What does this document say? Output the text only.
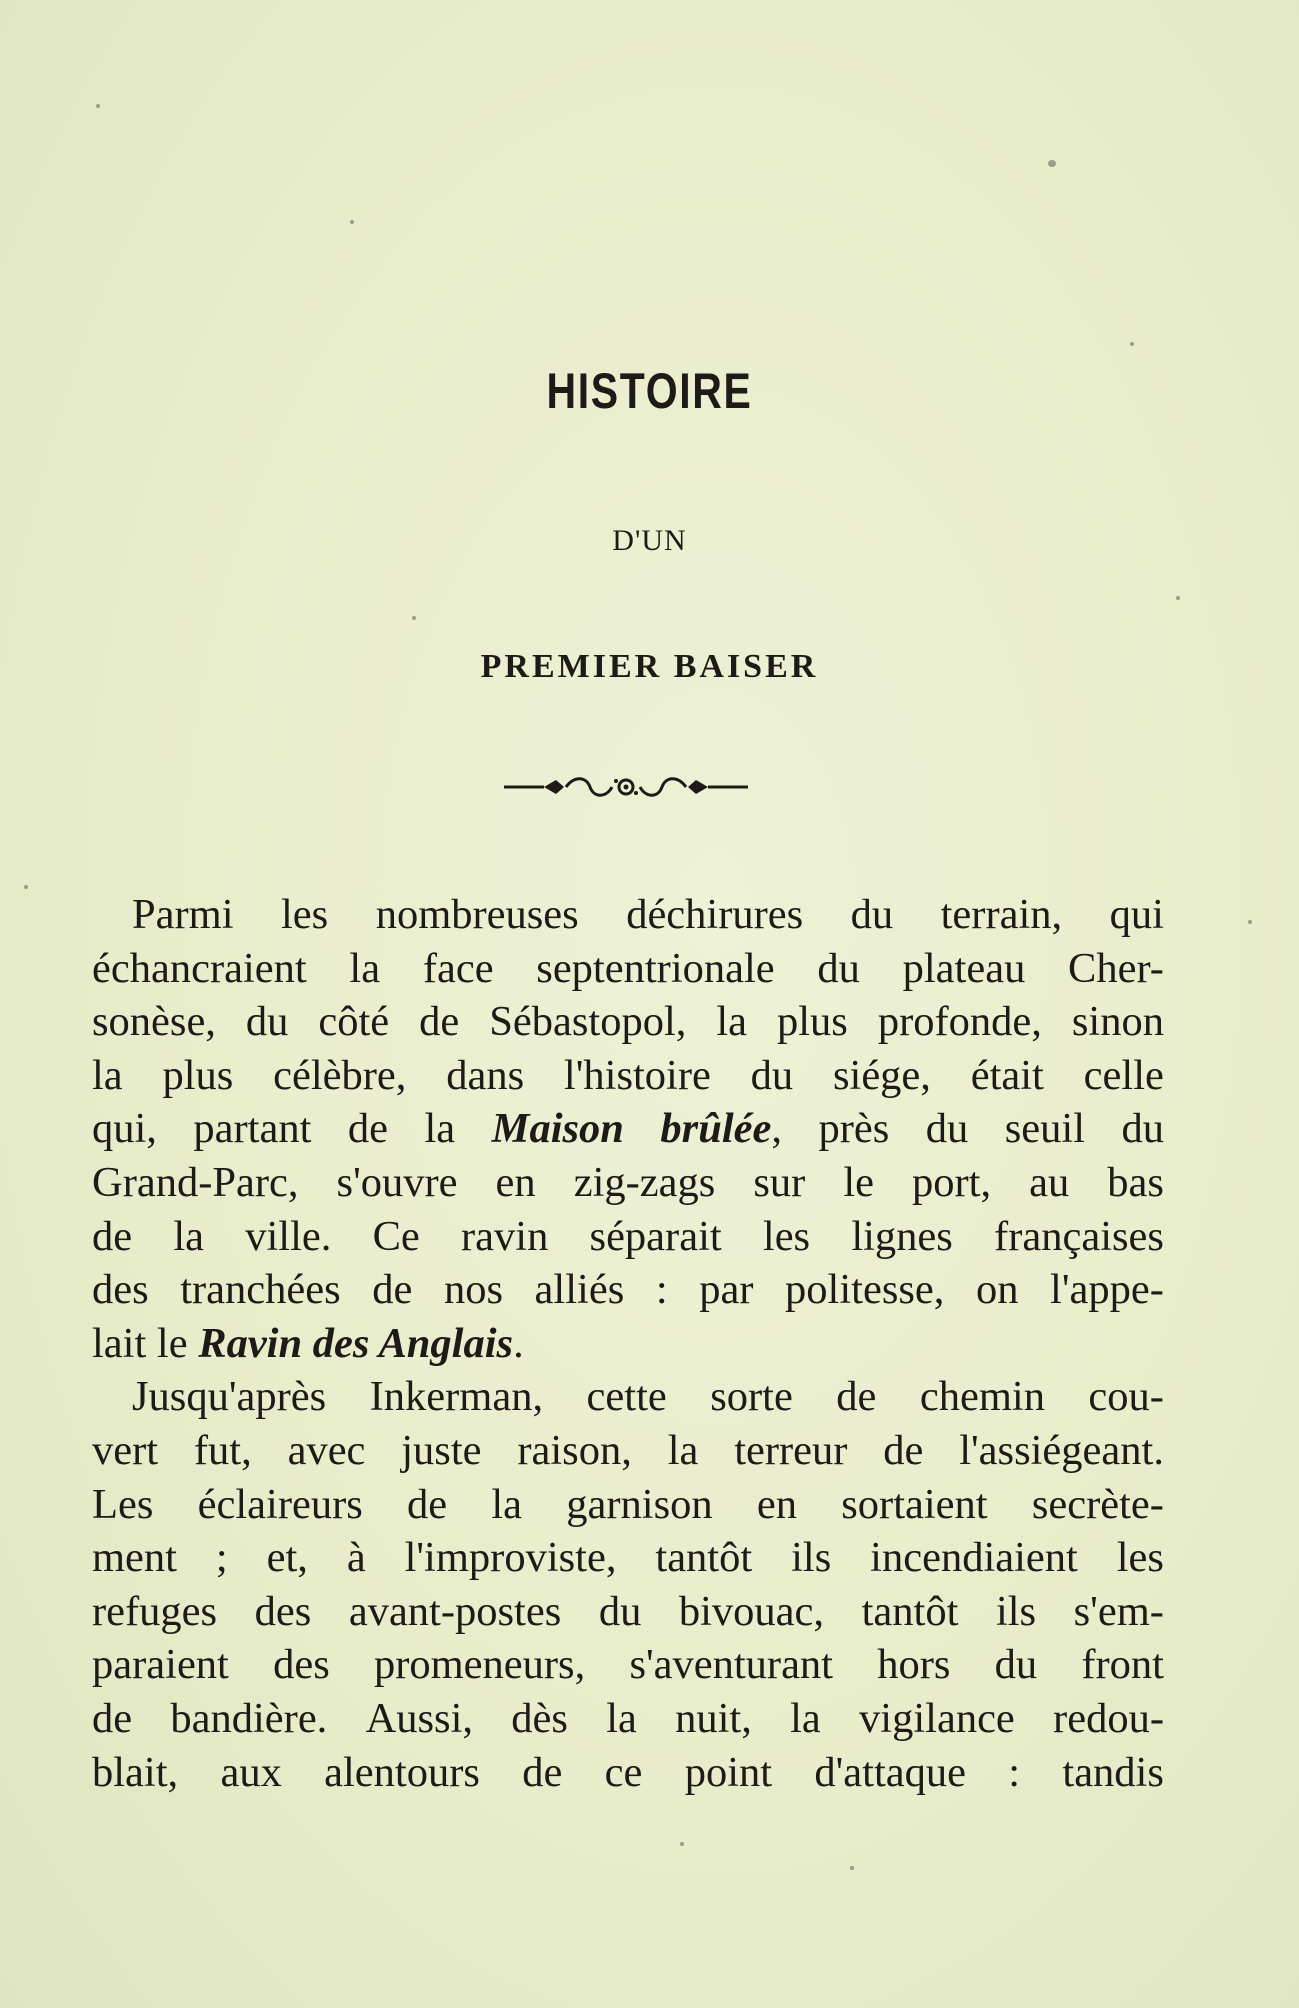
HISTOIRE
D'UN
PREMIER BAISER
Parmi les nombreuses déchirures du terrain, qui
échancraient la face septentrionale du plateau Cher-
sonèse, du côté de Sébastopol, la plus profonde, sinon
la plus célèbre, dans l'histoire du siége, était celle
qui, partant de la Maison brûlée, près du seuil du
Grand-Parc, s'ouvre en zig-zags sur le port, au bas
de la ville. Ce ravin séparait les lignes françaises
des tranchées de nos alliés : par politesse, on l'appe-
lait le Ravin des Anglais.
Jusqu'après Inkerman, cette sorte de chemin cou-
vert fut, avec juste raison, la terreur de l'assiégeant.
Les éclaireurs de la garnison en sortaient secrète-
ment ; et, à l'improviste, tantôt ils incendiaient les
refuges des avant-postes du bivouac, tantôt ils s'em-
paraient des promeneurs, s'aventurant hors du front
de bandière. Aussi, dès la nuit, la vigilance redou-
blait, aux alentours de ce point d'attaque : tandis
